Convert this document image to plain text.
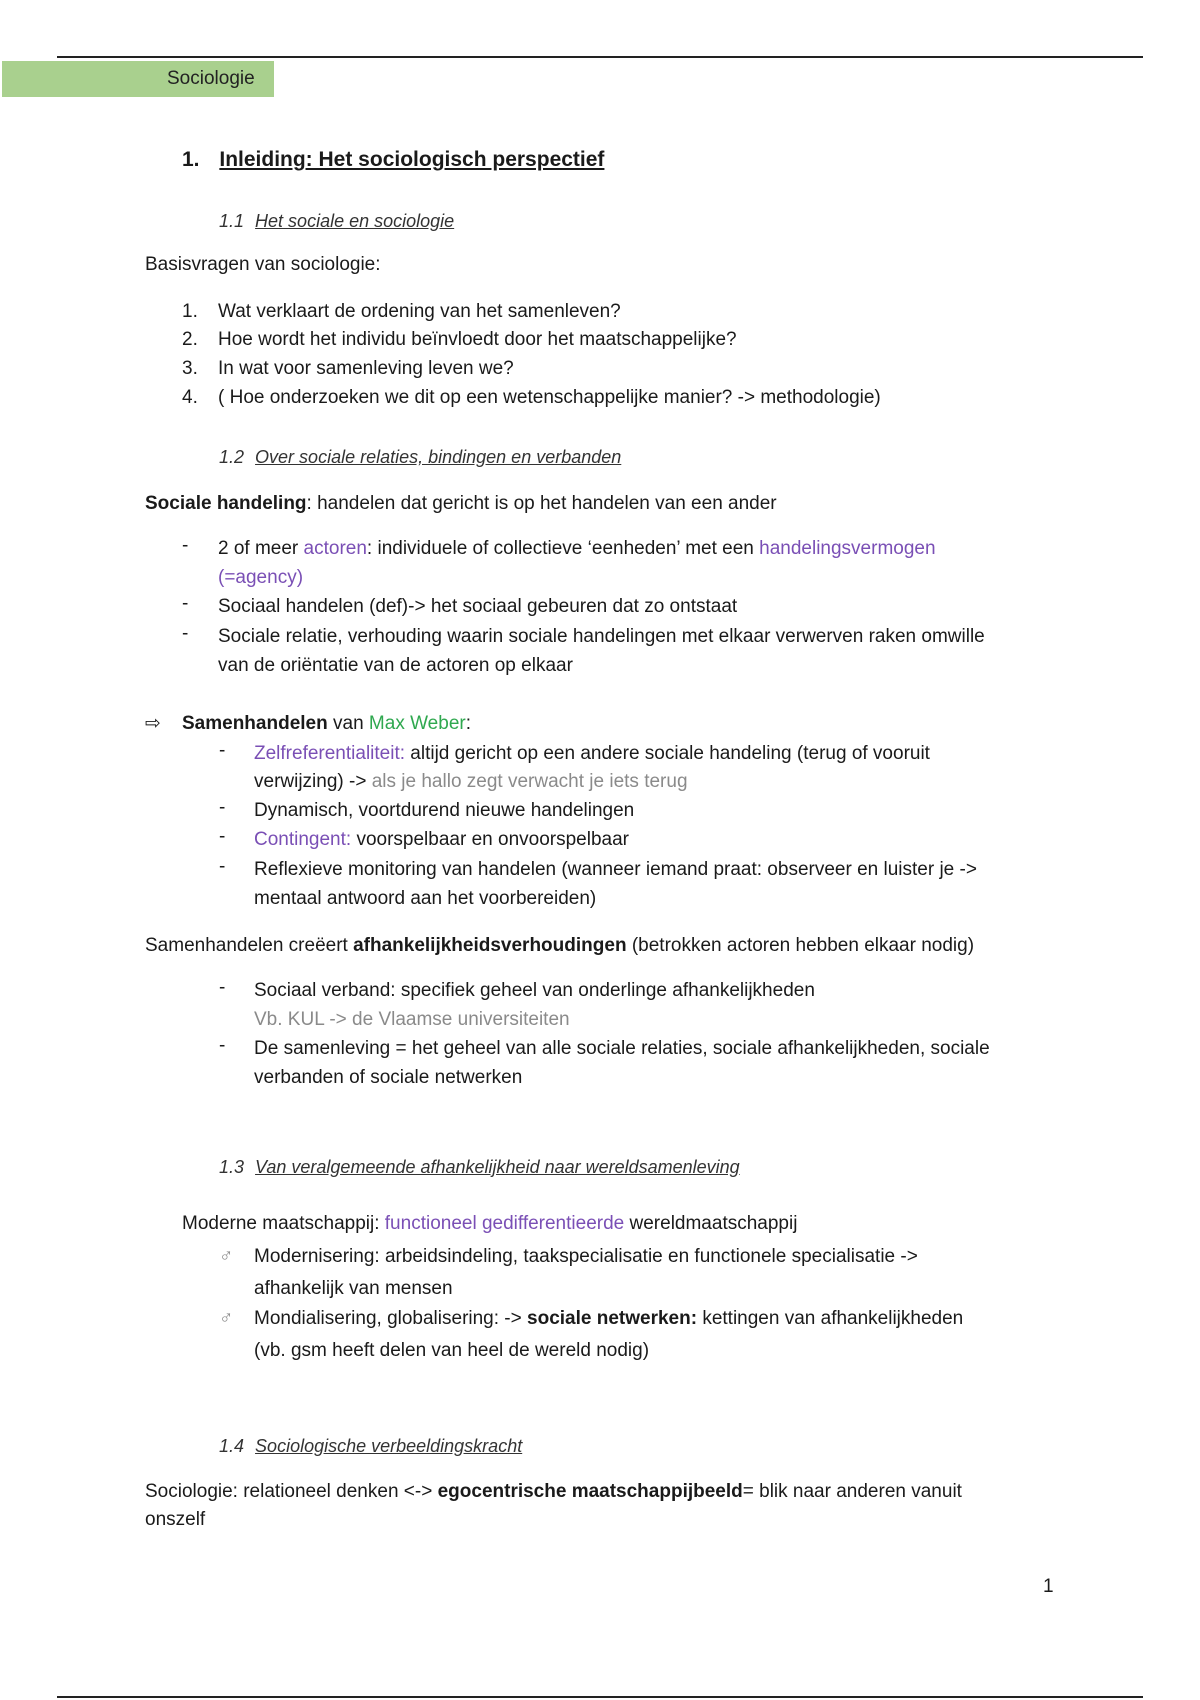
Sociologie
1. Inleiding: Het sociologisch perspectief
1.1 Het sociale en sociologie
Basisvragen van sociologie:
1. Wat verklaart de ordening van het samenleven?
2. Hoe wordt het individu beïnvloedt door het maatschappelijke?
3. In wat voor samenleving leven we?
4. ( Hoe onderzoeken we dit op een wetenschappelijke manier? -> methodologie)
1.2 Over sociale relaties, bindingen en verbanden
Sociale handeling: handelen dat gericht is op het handelen van een ander
- 2 of meer actoren: individuele of collectieve ‘eenheden’ met een handelingsvermogen
(=agency)
- Sociaal handelen (def)-> het sociaal gebeuren dat zo ontstaat
- Sociale relatie, verhouding waarin sociale handelingen met elkaar verwerven raken omwille
van de oriëntatie van de actoren op elkaar
⇨ Samenhandelen van Max Weber:
- Zelfreferentialiteit: altijd gericht op een andere sociale handeling (terug of vooruit
verwijzing) -> als je hallo zegt verwacht je iets terug
- Dynamisch, voortdurend nieuwe handelingen
- Contingent: voorspelbaar en onvoorspelbaar
- Reflexieve monitoring van handelen (wanneer iemand praat: observeer en luister je ->
mentaal antwoord aan het voorbereiden)
Samenhandelen creëert afhankelijkheidsverhoudingen (betrokken actoren hebben elkaar nodig)
- Sociaal verband: specifiek geheel van onderlinge afhankelijkheden
Vb. KUL -> de Vlaamse universiteiten
- De samenleving = het geheel van alle sociale relaties, sociale afhankelijkheden, sociale
verbanden of sociale netwerken
1.3 Van veralgemeende afhankelijkheid naar wereldsamenleving
Moderne maatschappij: functioneel gedifferentieerde wereldmaatschappij
♂ Modernisering: arbeidsindeling, taakspecialisatie en functionele specialisatie ->
afhankelijk van mensen
♂ Mondialisering, globalisering: -> sociale netwerken: kettingen van afhankelijkheden
(vb. gsm heeft delen van heel de wereld nodig)
1.4 Sociologische verbeeldingskracht
Sociologie: relationeel denken <-> egocentrische maatschappijbeeld= blik naar anderen vanuit
onszelf
1
